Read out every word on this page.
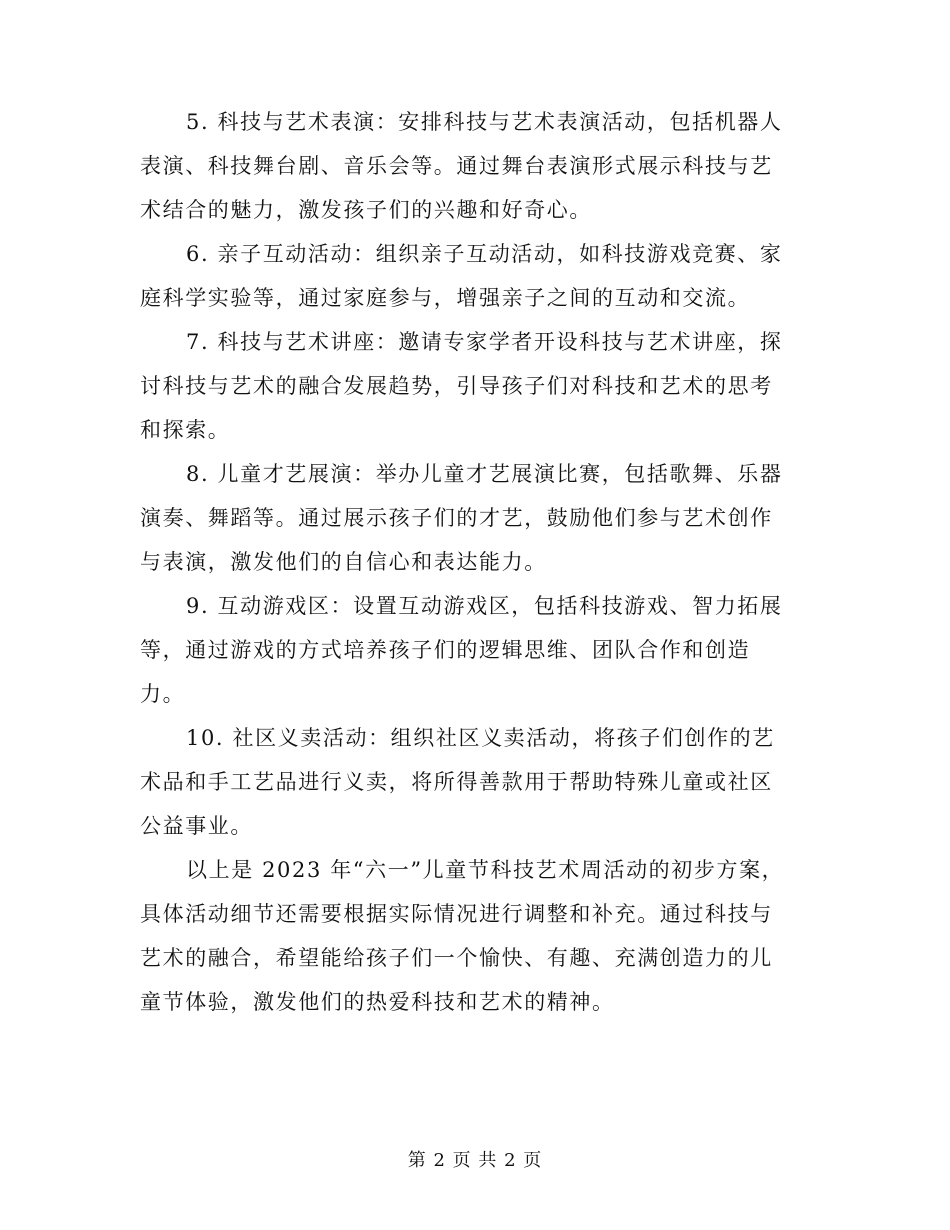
5. 科技与艺术表演：安排科技与艺术表演活动，包括机器人
表演、科技舞台剧、音乐会等。通过舞台表演形式展示科技与艺
术结合的魅力，激发孩子们的兴趣和好奇心。

6. 亲子互动活动：组织亲子互动活动，如科技游戏竞赛、家
庭科学实验等，通过家庭参与，增强亲子之间的互动和交流。

7. 科技与艺术讲座：邀请专家学者开设科技与艺术讲座，探
讨科技与艺术的融合发展趋势，引导孩子们对科技和艺术的思考
和探索。

8. 儿童才艺展演：举办儿童才艺展演比赛，包括歌舞、乐器
演奏、舞蹈等。通过展示孩子们的才艺，鼓励他们参与艺术创作
与表演，激发他们的自信心和表达能力。

9. 互动游戏区：设置互动游戏区，包括科技游戏、智力拓展
等，通过游戏的方式培养孩子们的逻辑思维、团队合作和创造
力。

10. 社区义卖活动：组织社区义卖活动，将孩子们创作的艺
术品和手工艺品进行义卖，将所得善款用于帮助特殊儿童或社区
公益事业。

以上是 2023 年“六一”儿童节科技艺术周活动的初步方案，
具体活动细节还需要根据实际情况进行调整和补充。通过科技与
艺术的融合，希望能给孩子们一个愉快、有趣、充满创造力的儿
童节体验，激发他们的热爱科技和艺术的精神。

第 2 页 共 2 页
